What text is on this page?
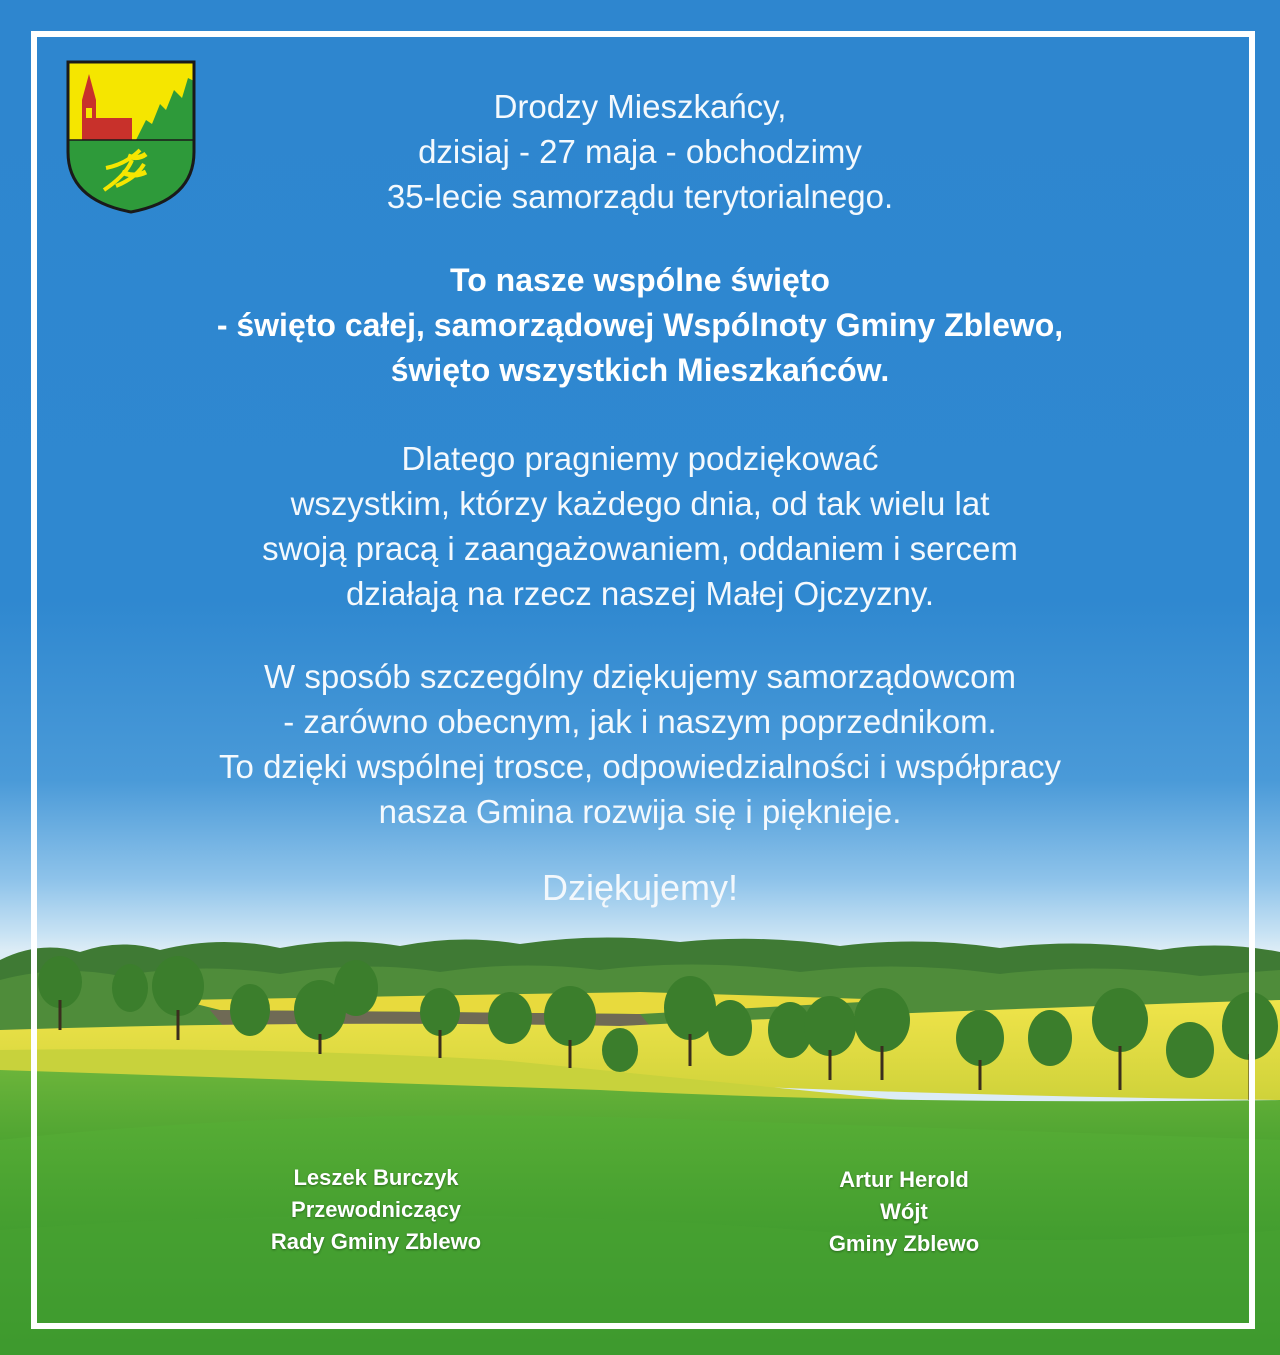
Drodzy Mieszkańcy,

dzisiaj - 27 maja - obchodzimy

35-lecie samorządu terytorialnego.

To nasze wspólne święto

- święto całej, samorządowej Wspólnoty Gminy Zblewo,

święto wszystkich Mieszkańców.

Dlatego pragniemy podziękować

wszystkim, którzy każdego dnia, od tak wielu lat

swoją pracą i zaangażowaniem, oddaniem i sercem

działają na rzecz naszej Małej Ojczyzny.

W sposób szczególny dziękujemy samorządowcom

- zarówno obecnym, jak i naszym poprzednikom.

To dzięki wspólnej trosce, odpowiedzialności i współpracy

nasza Gmina rozwija się i pięknieje.

Dziękujemy!

Leszek Burczyk

Przewodniczący

Rady Gminy Zblewo

Artur Herold

Wójt

Gminy Zblewo
